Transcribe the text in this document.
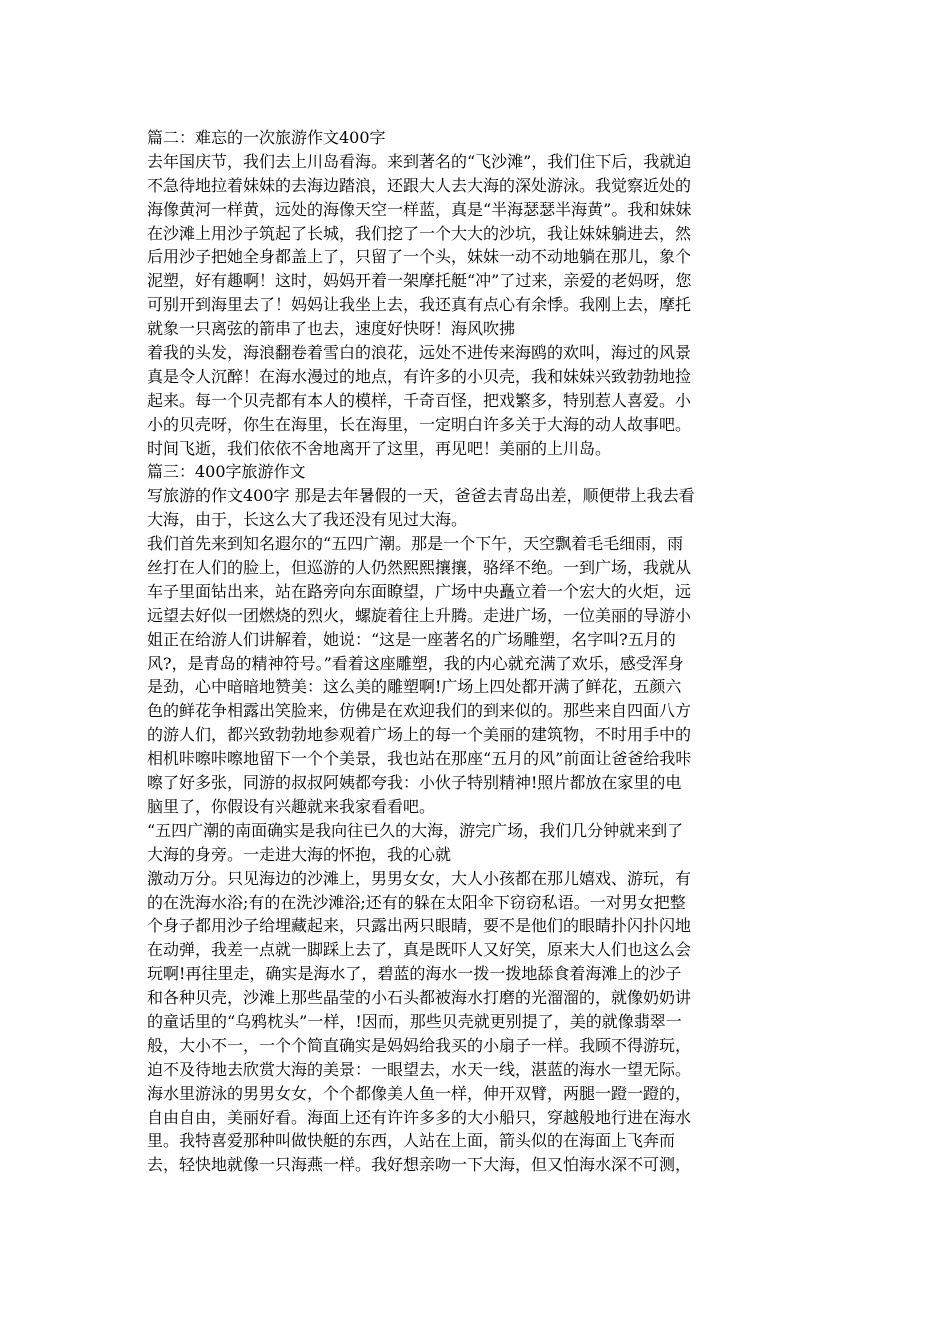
篇二：难忘的一次旅游作文400字
去年国庆节，我们去上川岛看海。来到著名的“飞沙滩”，我们住下后，我就迫
不急待地拉着妹妹的去海边踏浪，还跟大人去大海的深处游泳。我觉察近处的
海像黄河一样黄，远处的海像天空一样蓝，真是“半海瑟瑟半海黄”。我和妹妹
在沙滩上用沙子筑起了长城，我们挖了一个大大的沙坑，我让妹妹躺进去，然
后用沙子把她全身都盖上了，只留了一个头，妹妹一动不动地躺在那儿，象个
泥塑，好有趣啊！这时，妈妈开着一架摩托艇“冲”了过来，亲爱的老妈呀，您
可别开到海里去了！妈妈让我坐上去，我还真有点心有余悸。我刚上去，摩托
就象一只离弦的箭串了也去，速度好快呀！海风吹拂
着我的头发，海浪翻卷着雪白的浪花，远处不进传来海鸥的欢叫，海过的风景
真是令人沉醉！在海水漫过的地点，有许多的小贝壳，我和妹妹兴致勃勃地捡
起来。每一个贝壳都有本人的模样，千奇百怪，把戏繁多，特别惹人喜爱。小
小的贝壳呀，你生在海里，长在海里，一定明白许多关于大海的动人故事吧。
时间飞逝，我们依依不舍地离开了这里，再见吧！美丽的上川岛。
篇三：400字旅游作文
写旅游的作文400字 那是去年暑假的一天，爸爸去青岛出差，顺便带上我去看
大海，由于，长这么大了我还没有见过大海。
我们首先来到知名遐尔的“五四广潮。那是一个下午，天空飘着毛毛细雨，雨
丝打在人们的脸上，但巡游的人仍然熙熙攘攘，骆绎不绝。一到广场，我就从
车子里面钻出来，站在路旁向东面瞭望，广场中央矗立着一个宏大的火炬，远
远望去好似一团燃烧的烈火，螺旋着往上升腾。走进广场，一位美丽的导游小
姐正在给游人们讲解着，她说：“这是一座著名的广场雕塑，名字叫?五月的
风?，是青岛的精神符号。”看着这座雕塑，我的内心就充满了欢乐，感受浑身
是劲，心中暗暗地赞美：这么美的雕塑啊!广场上四处都开满了鲜花，五颜六
色的鲜花争相露出笑脸来，仿佛是在欢迎我们的到来似的。那些来自四面八方
的游人们，都兴致勃勃地参观着广场上的每一个美丽的建筑物，不时用手中的
相机咔嚓咔嚓地留下一个个美景，我也站在那座“五月的风”前面让爸爸给我咔
嚓了好多张，同游的叔叔阿姨都夸我：小伙子特别精神!照片都放在家里的电
脑里了，你假设有兴趣就来我家看看吧。
“五四广潮的南面确实是我向往已久的大海，游完广场，我们几分钟就来到了
大海的身旁。一走进大海的怀抱，我的心就
激动万分。只见海边的沙滩上，男男女女，大人小孩都在那儿嬉戏、游玩，有
的在洗海水浴;有的在洗沙滩浴;还有的躲在太阳伞下窃窃私语。一对男女把整
个身子都用沙子给埋藏起来，只露出两只眼睛，要不是他们的眼睛扑闪扑闪地
在动弹，我差一点就一脚踩上去了，真是既吓人又好笑，原来大人们也这么会
玩啊!再往里走，确实是海水了，碧蓝的海水一拨一拨地舔食着海滩上的沙子
和各种贝壳，沙滩上那些晶莹的小石头都被海水打磨的光溜溜的，就像奶奶讲
的童话里的“乌鸦枕头”一样，!因而，那些贝壳就更别提了，美的就像翡翠一
般，大小不一，一个个简直确实是妈妈给我买的小扇子一样。我顾不得游玩，
迫不及待地去欣赏大海的美景：一眼望去，水天一线，湛蓝的海水一望无际。
海水里游泳的男男女女，个个都像美人鱼一样，伸开双臂，两腿一蹬一蹬的，
自由自由，美丽好看。海面上还有许许多多的大小船只，穿越般地行进在海水
里。我特喜爱那种叫做快艇的东西，人站在上面，箭头似的在海面上飞奔而
去，轻快地就像一只海燕一样。我好想亲吻一下大海，但又怕海水深不可测，
